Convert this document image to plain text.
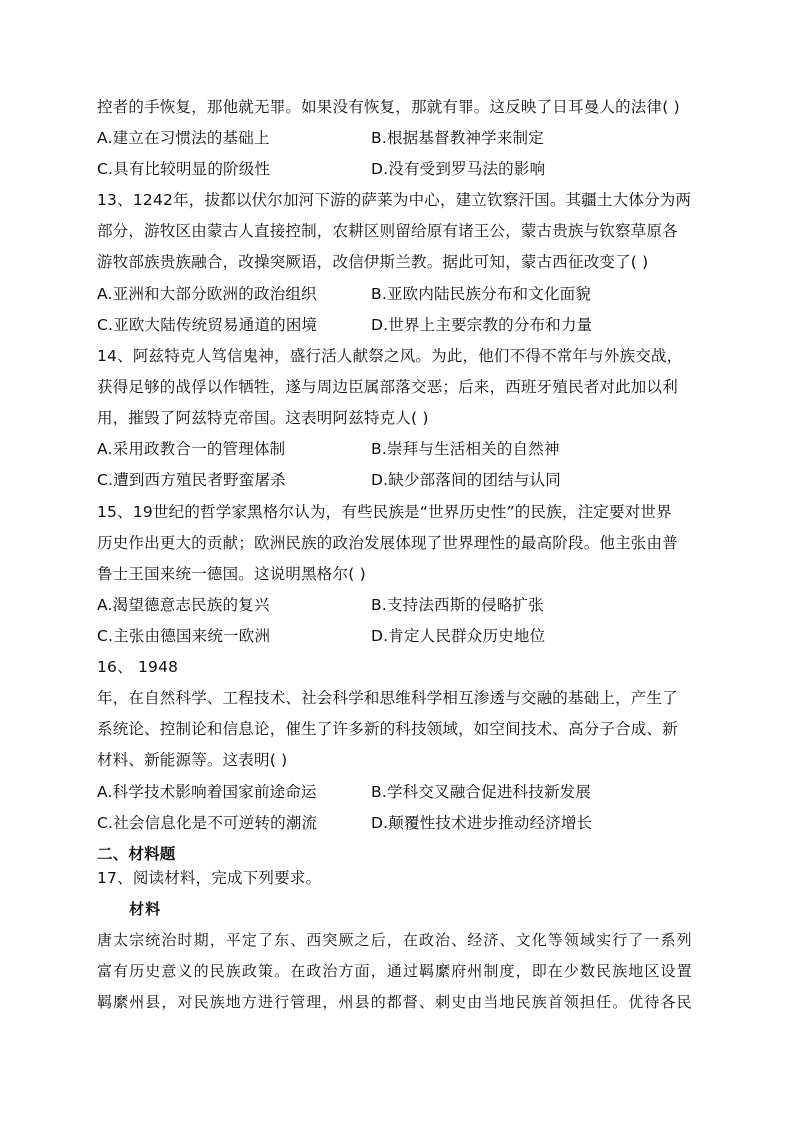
控者的手恢复，那他就无罪。如果没有恢复，那就有罪。这反映了日耳曼人的法律( )
A.建立在习惯法的基础上	B.根据基督教神学来制定
C.具有比较明显的阶级性	D.没有受到罗马法的影响
13、1242年，拔都以伏尔加河下游的萨莱为中心，建立钦察汗国。其疆土大体分为两
部分，游牧区由蒙古人直接控制，农耕区则留给原有诸王公，蒙古贵族与钦察草原各
游牧部族贵族融合，改操突厥语，改信伊斯兰教。据此可知，蒙古西征改变了( )
A.亚洲和大部分欧洲的政治组织	B.亚欧内陆民族分布和文化面貌
C.亚欧大陆传统贸易通道的困境	D.世界上主要宗教的分布和力量
14、阿兹特克人笃信鬼神，盛行活人献祭之风。为此，他们不得不常年与外族交战，
获得足够的战俘以作牺牲，遂与周边臣属部落交恶；后来，西班牙殖民者对此加以利
用，摧毁了阿兹特克帝国。这表明阿兹特克人( )
A.采用政教合一的管理体制	B.崇拜与生活相关的自然神
C.遭到西方殖民者野蛮屠杀	D.缺少部落间的团结与认同
15、19世纪的哲学家黑格尔认为，有些民族是“世界历史性”的民族，注定要对世界
历史作出更大的贡献；欧洲民族的政治发展体现了世界理性的最高阶段。他主张由普
鲁士王国来统一德国。这说明黑格尔( )
A.渴望德意志民族的复兴	B.支持法西斯的侵略扩张
C.主张由德国来统一欧洲	D.肯定人民群众历史地位
16、 1948
年，在自然科学、工程技术、社会科学和思维科学相互渗透与交融的基础上，产生了
系统论、控制论和信息论，催生了许多新的科技领域，如空间技术、高分子合成、新
材料、新能源等。这表明( )
A.科学技术影响着国家前途命运	B.学科交叉融合促进科技新发展
C.社会信息化是不可逆转的潮流	D.颠覆性技术进步推动经济增长
二、材料题
17、阅读材料，完成下列要求。
材料
唐太宗统治时期，平定了东、西突厥之后，在政治、经济、文化等领域实行了一系列
富有历史意义的民族政策。在政治方面，通过羁縻府州制度，即在少数民族地区设置
羁縻州县，对民族地方进行管理，州县的都督、刺史由当地民族首领担任。优待各民
